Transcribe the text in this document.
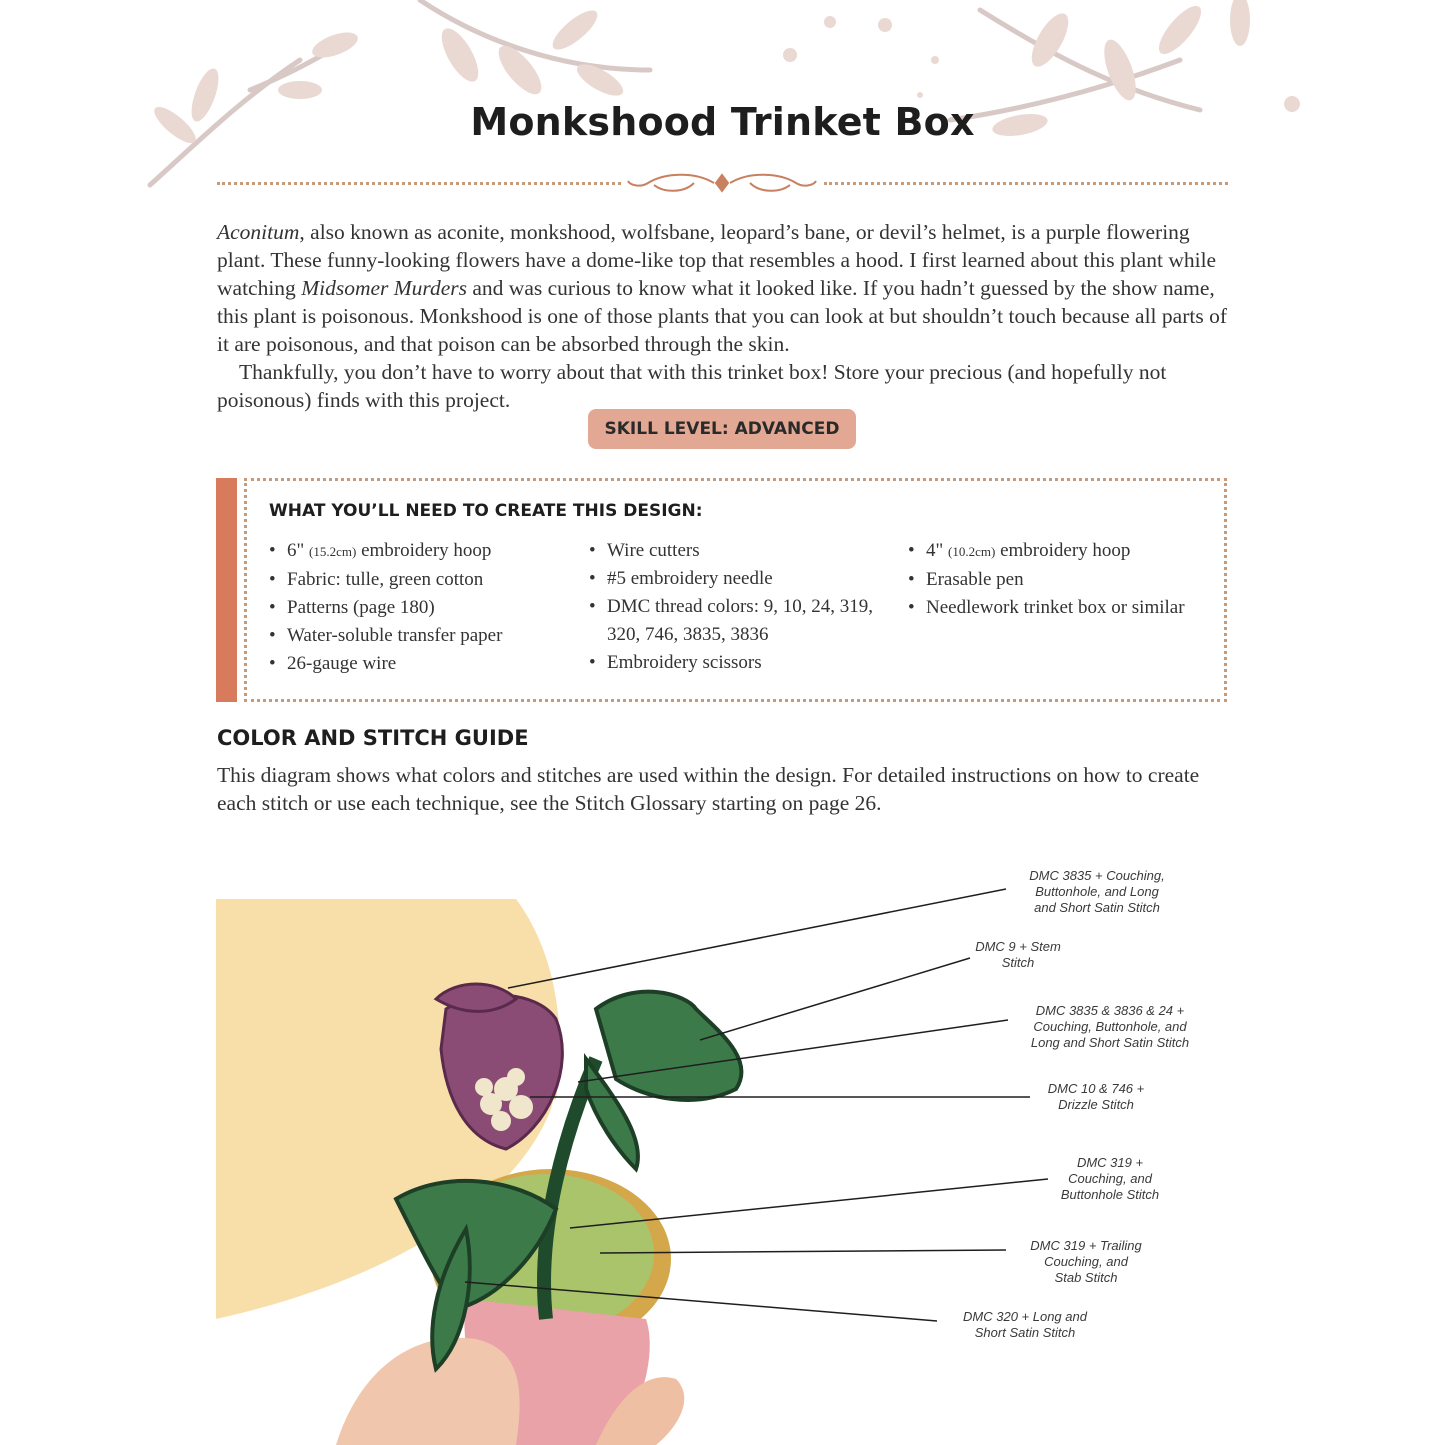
Monkshood Trinket Box

Aconitum, also known as aconite, monkshood, wolfsbane, leopard’s bane, or devil’s helmet, is a purple flowering plant. These funny-looking flowers have a dome-like top that resembles a hood. I first learned about this plant while watching Midsomer Murders and was curious to know what it looked like. If you hadn’t guessed by the show name, this plant is poisonous. Monkshood is one of those plants that you can look at but shouldn’t touch because all parts of it are poisonous, and that poison can be absorbed through the skin.

Thankfully, you don’t have to worry about that with this trinket box! Store your precious (and hopefully not poisonous) finds with this project.

SKILL LEVEL: ADVANCED
WHAT YOU’LL NEED TO CREATE THIS DESIGN:
• 6" (15.2cm) embroidery hoop
• Fabric: tulle, green cotton
• Patterns (page 180)
• Water-soluble transfer paper
• 26-gauge wire
• Wire cutters
• #5 embroidery needle
• DMC thread colors: 9, 10, 24, 319, 320, 746, 3835, 3836
• Embroidery scissors
• 4" (10.2cm) embroidery hoop
• Erasable pen
• Needlework trinket box or similar
COLOR AND STITCH GUIDE
This diagram shows what colors and stitches are used within the design. For detailed instructions on how to create each stitch or use each technique, see the Stitch Glossary starting on page 26.
DMC 3835 + Couching,
Buttonhole, and Long
and Short Satin Stitch
DMC 9 + Stem
Stitch
DMC 3835 & 3836 & 24 +
Couching, Buttonhole, and
Long and Short Satin Stitch
DMC 10 & 746 +
Drizzle Stitch
DMC 319 +
Couching, and
Buttonhole Stitch
DMC 319 + Trailing
Couching, and
Stab Stitch
DMC 320 + Long and
Short Satin Stitch
